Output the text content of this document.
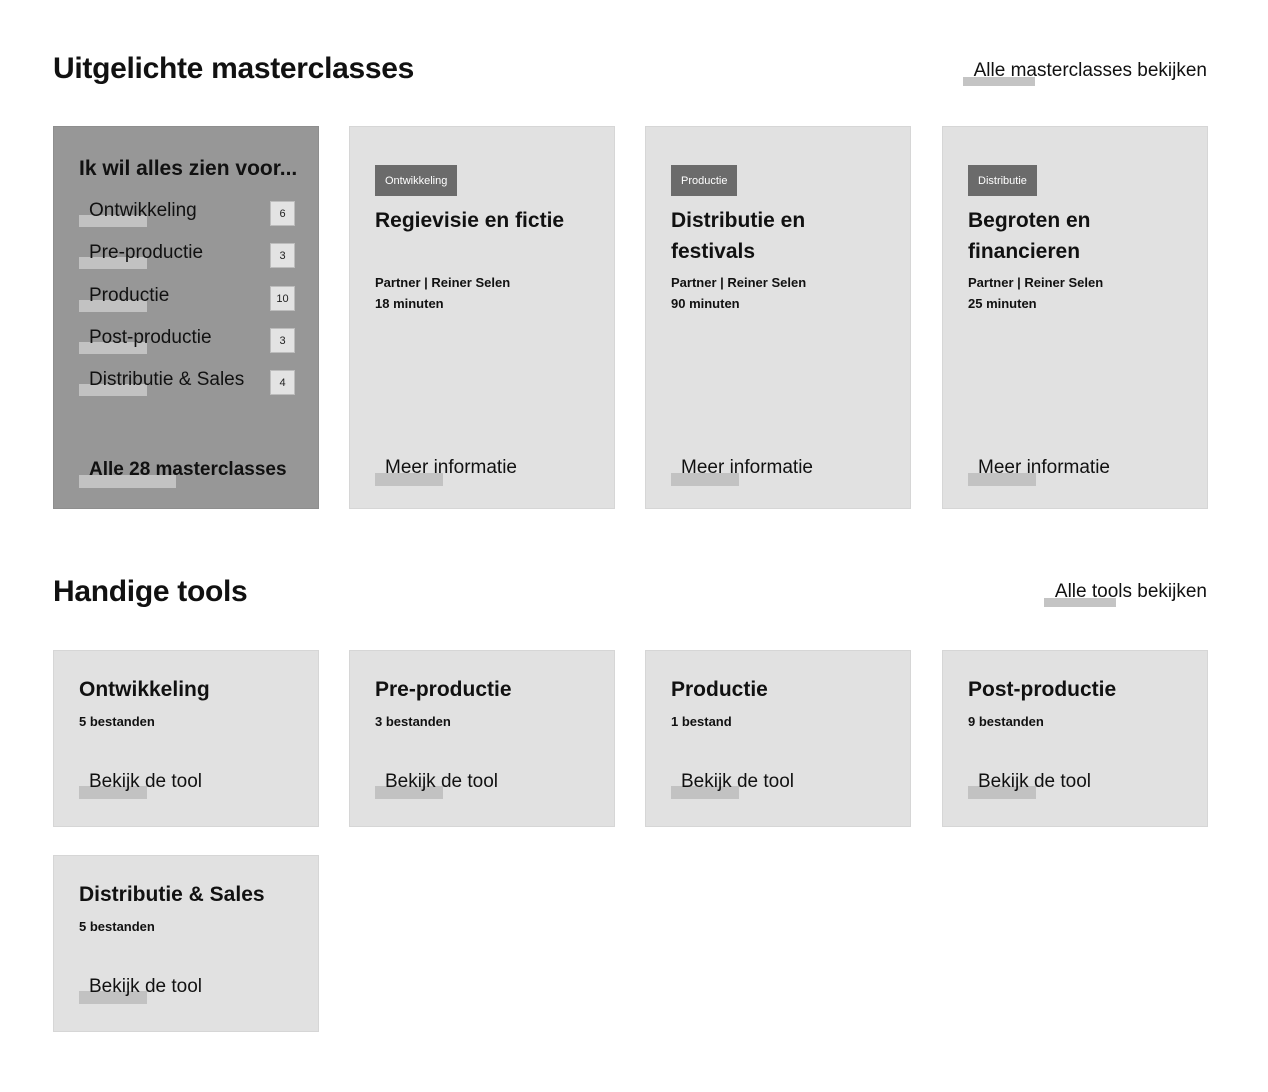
Uitgelichte masterclasses	Alle masterclasses bekijken
Ik wil alles zien voor...
Ontwikkeling	6
Pre-productie	3
Productie	10
Post-productie	3
Distributie & Sales	4
Alle 28 masterclasses
Ontwikkeling
Regievisie en fictie
Partner | Reiner Selen
18 minuten
Meer informatie
Productie
Distributie en festivals
Partner | Reiner Selen
90 minuten
Meer informatie
Distributie
Begroten en financieren
Partner | Reiner Selen
25 minuten
Meer informatie
Handige tools	Alle tools bekijken
Ontwikkeling
5 bestanden
Bekijk de tool
Pre-productie
3 bestanden
Bekijk de tool
Productie
1 bestand
Bekijk de tool
Post-productie
9 bestanden
Bekijk de tool
Distributie & Sales
5 bestanden
Bekijk de tool
